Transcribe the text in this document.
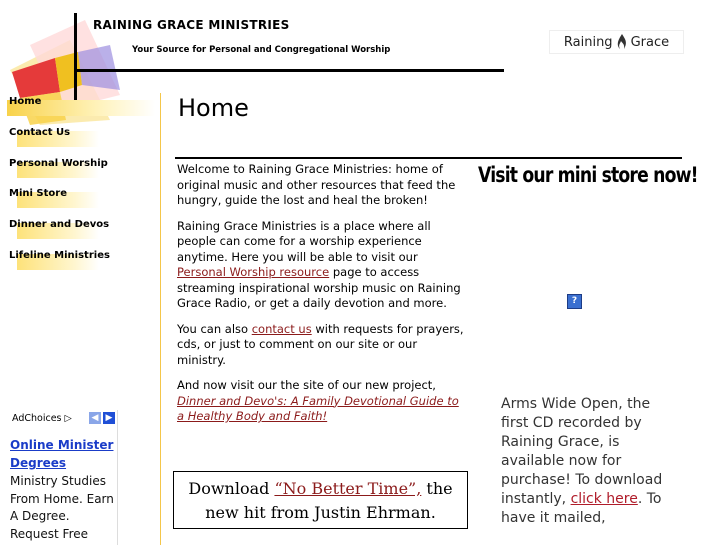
RAINING GRACE MINISTRIES
Your Source for Personal and Congregational Worship
Raining Grace
Home
Contact Us
Personal Worship
Mini Store
Dinner and Devos
Lifeline Ministries
AdChoices ▷ ◀ ▶
Online Minister Degrees
Ministry Studies From Home. Earn A Degree. Request Free
Home

Welcome to Raining Grace Ministries: home of original music and other resources that feed the hungry, guide the lost and heal the broken!

Raining Grace Ministries is a place where all people can come for a worship experience anytime. Here you will be able to visit our Personal Worship resource page to access streaming inspirational worship music on Raining Grace Radio, or get a daily devotion and more.

You can also contact us with requests for prayers, cds, or just to comment on our site or our ministry.

And now visit our the site of our new project, Dinner and Devo's: A Family Devotional Guide to a Healthy Body and Faith!

Visit our mini store now!
?
Arms Wide Open, the first CD recorded by Raining Grace, is available now for purchase! To download instantly, click here. To have it mailed,
Download “No Better Time”, the new hit from Justin Ehrman.
